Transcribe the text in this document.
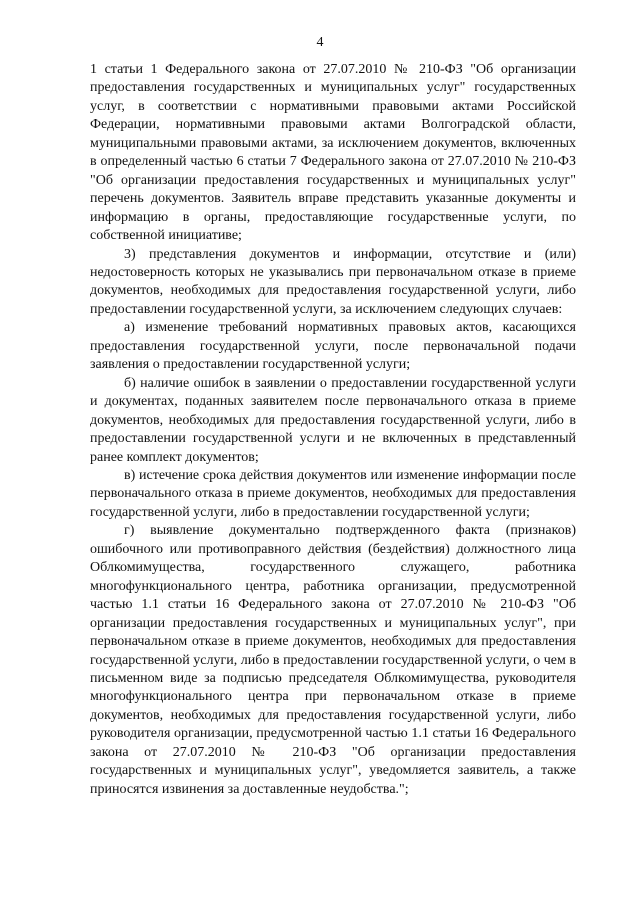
4

1 статьи 1 Федерального закона от 27.07.2010 № 210-ФЗ "Об организации предоставления государственных и муниципальных услуг" государственных услуг, в соответствии с нормативными правовыми актами Российской Федерации, нормативными правовыми актами Волгоградской области, муниципальными правовыми актами, за исключением документов, включенных в определенный частью 6 статьи 7 Федерального закона от 27.07.2010 № 210-ФЗ "Об организации предоставления государственных и муниципальных услуг" перечень документов. Заявитель вправе представить указанные документы и информацию в органы, предоставляющие государственные услуги, по собственной инициативе;

3) представления документов и информации, отсутствие и (или) недостоверность которых не указывались при первоначальном отказе в приеме документов, необходимых для предоставления государственной услуги, либо предоставлении государственной услуги, за исключением следующих случаев:

а) изменение требований нормативных правовых актов, касающихся предоставления государственной услуги, после первоначальной подачи заявления о предоставлении государственной услуги;

б) наличие ошибок в заявлении о предоставлении государственной услуги и документах, поданных заявителем после первоначального отказа в приеме документов, необходимых для предоставления государственной услуги, либо в предоставлении государственной услуги и не включенных в представленный ранее комплект документов;

в) истечение срока действия документов или изменение информации после первоначального отказа в приеме документов, необходимых для предоставления государственной услуги, либо в предоставлении государственной услуги;

г) выявление документально подтвержденного факта (признаков) ошибочного или противоправного действия (бездействия) должностного лица Облкомимущества, государственного служащего, работника многофункционального центра, работника организации, предусмотренной частью 1.1 статьи 16 Федерального закона от 27.07.2010 № 210-ФЗ "Об организации предоставления государственных и муниципальных услуг", при первоначальном отказе в приеме документов, необходимых для предоставления государственной услуги, либо в предоставлении государственной услуги, о чем в письменном виде за подписью председателя Облкомимущества, руководителя многофункционального центра при первоначальном отказе в приеме документов, необходимых для предоставления государственной услуги, либо руководителя организации, предусмотренной частью 1.1 статьи 16 Федерального закона от 27.07.2010 № 210-ФЗ "Об организации предоставления государственных и муниципальных услуг", уведомляется заявитель, а также приносятся извинения за доставленные неудобства.";
